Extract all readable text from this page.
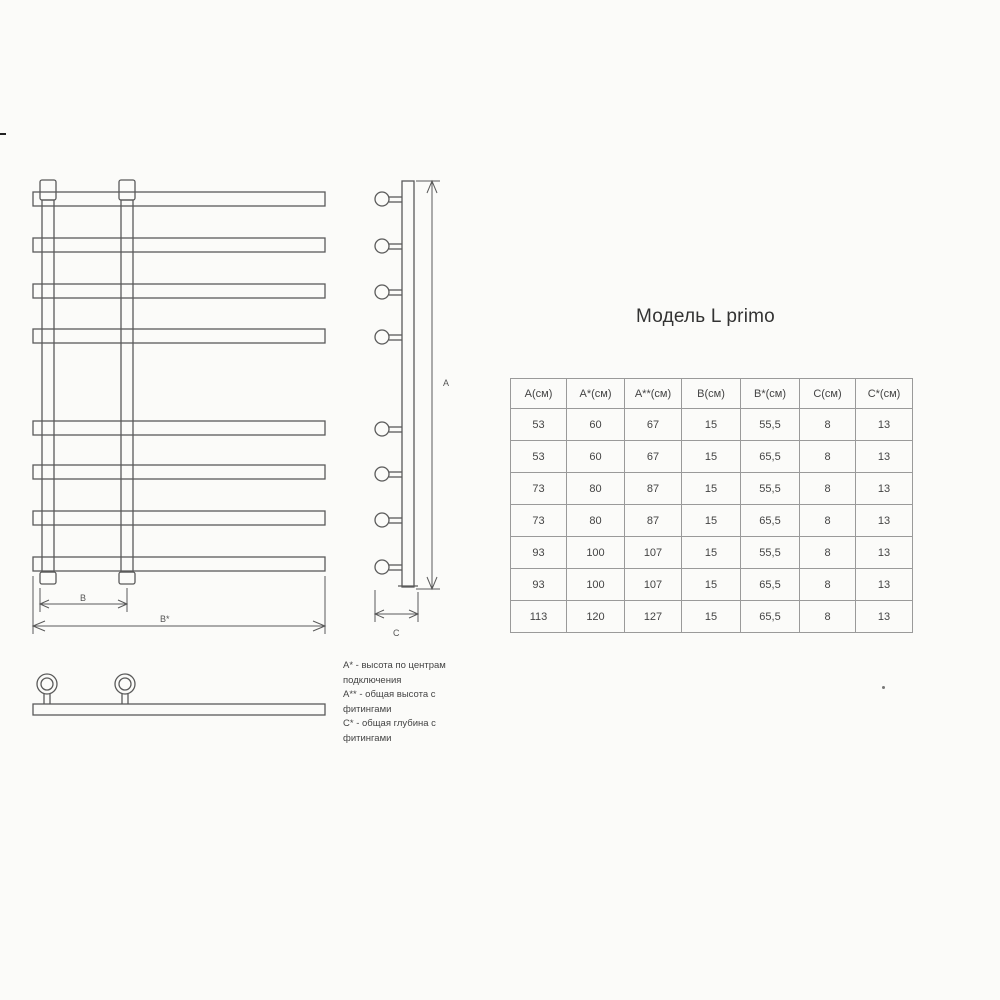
B
B*
A
C
Модель L primo
A(см)	A*(см)	A**(см)	B(см)	B*(см)	C(см)	C*(см)
53	60	67	15	55,5	8	13
53	60	67	15	65,5	8	13
73	80	87	15	55,5	8	13
73	80	87	15	65,5	8	13
93	100	107	15	55,5	8	13
93	100	107	15	65,5	8	13
113	120	127	15	65,5	8	13
A* - высота по центрам
подключения
A** - общая высота с
фитингами
C* - общая глубина с
фитингами
